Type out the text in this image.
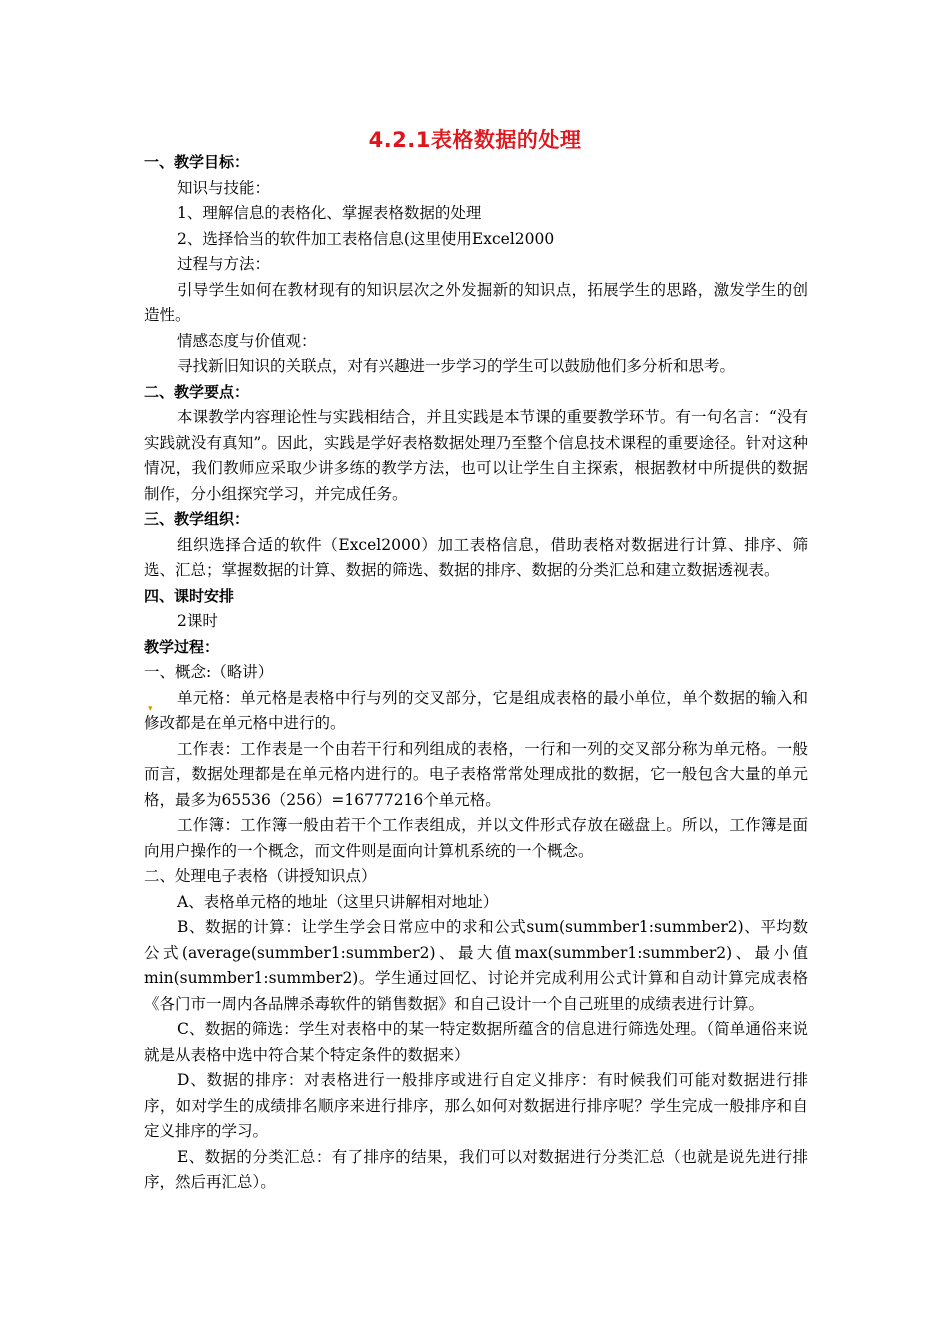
4.2.1表格数据的处理
一、教学目标：
知识与技能：
1、理解信息的表格化、掌握表格数据的处理
2、选择恰当的软件加工表格信息(这里使用Excel2000
过程与方法：
引导学生如何在教材现有的知识层次之外发掘新的知识点，拓展学生的思路，激发学生的创造性。
情感态度与价值观：
寻找新旧知识的关联点，对有兴趣进一步学习的学生可以鼓励他们多分析和思考。
二、教学要点：
本课教学内容理论性与实践相结合，并且实践是本节课的重要教学环节。有一句名言：“没有实践就没有真知”。因此，实践是学好表格数据处理乃至整个信息技术课程的重要途径。针对这种情况，我们教师应采取少讲多练的教学方法，也可以让学生自主探索，根据教材中所提供的数据制作，分小组探究学习，并完成任务。
三、教学组织：
组织选择合适的软件（Excel2000）加工表格信息，借助表格对数据进行计算、排序、筛选、汇总；掌握数据的计算、数据的筛选、数据的排序、数据的分类汇总和建立数据透视表。
四、课时安排
2课时
教学过程：
一、概念:（略讲）
单元格：单元格是表格中行与列的交叉部分，它是组成表格的最小单位，单个数据的输入和修改都是在单元格中进行的。
工作表：工作表是一个由若干行和列组成的表格，一行和一列的交叉部分称为单元格。一般而言，数据处理都是在单元格内进行的。电子表格常常处理成批的数据，它一般包含大量的单元格，最多为65536（256）=16777216个单元格。
工作簿：工作簿一般由若干个工作表组成，并以文件形式存放在磁盘上。所以，工作簿是面向用户操作的一个概念，而文件则是面向计算机系统的一个概念。
二、处理电子表格（讲授知识点）
A、表格单元格的地址（这里只讲解相对地址）
B、数据的计算：让学生学会日常应中的求和公式sum(summber1:summber2)、平均数公式(average(summber1:summber2)、最大值max(summber1:summber2)、最小值min(summber1:summber2)。学生通过回忆、讨论并完成利用公式计算和自动计算完成表格《各门市一周内各品牌杀毒软件的销售数据》和自己设计一个自己班里的成绩表进行计算。
C、数据的筛选：学生对表格中的某一特定数据所蕴含的信息进行筛选处理。（简单通俗来说就是从表格中选中符合某个特定条件的数据来）
D、数据的排序：对表格进行一般排序或进行自定义排序：有时候我们可能对数据进行排序，如对学生的成绩排名顺序来进行排序，那么如何对数据进行排序呢？学生完成一般排序和自定义排序的学习。
E、数据的分类汇总：有了排序的结果，我们可以对数据进行分类汇总（也就是说先进行排序，然后再汇总）。
▾
